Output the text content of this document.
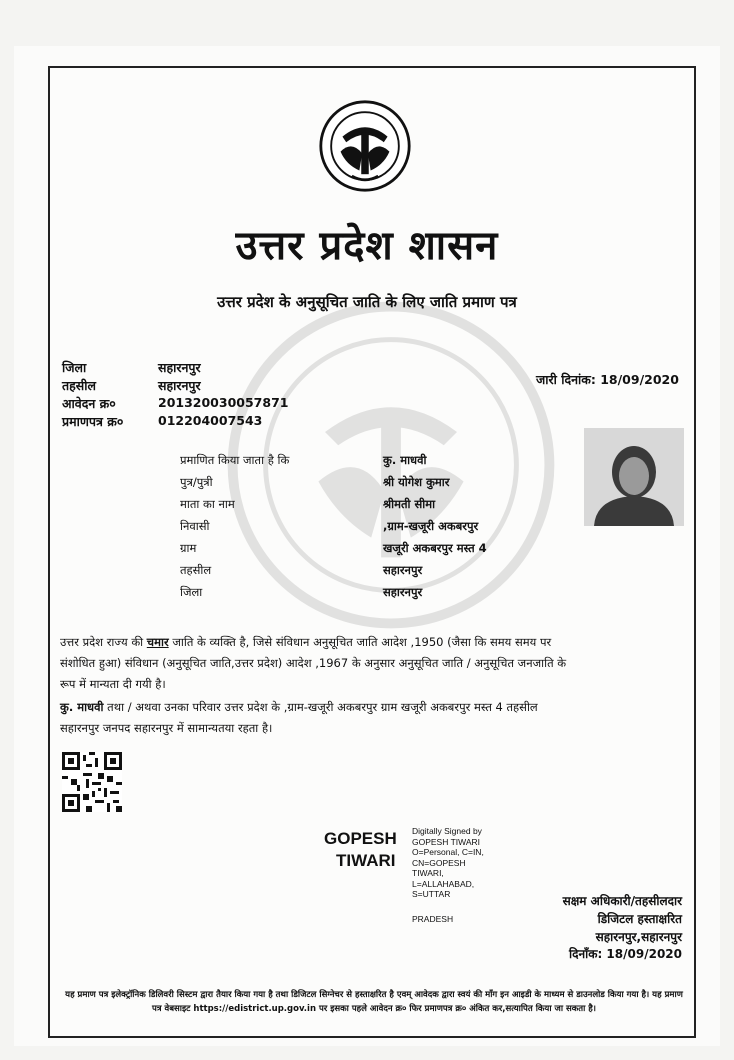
उत्तर प्रदेश शासन
उत्तर प्रदेश के अनुसूचित जाति के लिए जाति प्रमाण पत्र
जिला	सहारनपुर
तहसील	सहारनपुर
आवेदन क्र०	201320030057871
प्रमाणपत्र क्र०	012204007543
जारी दिनांक: 18/09/2020
प्रमाणित किया जाता है कि	कु. माधवी
पुत्र/पुत्री	श्री योगेश कुमार
माता का नाम	श्रीमती सीमा
निवासी	,ग्राम-खजूरी अकबरपुर
ग्राम	खजूरी अकबरपुर मस्त 4
तहसील	सहारनपुर
जिला	सहारनपुर
उत्तर प्रदेश राज्य की चमार जाति के व्यक्ति है, जिसे संविधान अनुसूचित जाति आदेश ,1950 (जैसा कि समय समय पर
संशोधित हुआ) संविधान (अनुसूचित जाति,उत्तर प्रदेश) आदेश ,1967 के अनुसार अनुसूचित जाति / अनुसूचित जनजाति के
रूप में मान्यता दी गयी है।
कु. माधवी तथा / अथवा उनका परिवार उत्तर प्रदेश के ,ग्राम-खजूरी अकबरपुर ग्राम खजूरी अकबरपुर मस्त 4 तहसील
सहारनपुर जनपद सहारनपुर में सामान्यतया रहता है।
GOPESH
TIWARI
Digitally Signed by
GOPESH TIWARI
O=Personal, C=IN,
CN=GOPESH
TIWARI,
L=ALLAHABAD,
S=UTTAR
PRADESH
सक्षम अधिकारी/तहसीलदार
डिजिटल हस्ताक्षरित
सहारनपुर,सहारनपुर
दिनाँक: 18/09/2020
यह प्रमाण पत्र इलेक्ट्रॉनिक डिलिवरी सिस्टम द्वारा तैयार किया गया है तथा डिजिटल सिग्नेचर से हस्ताक्षरित है एवम् आवेदक द्वारा स्वयं की माँग इन आइडी के माध्यम से डाउनलोड किया गया है। यह प्रमाण पत्र वेबसाइट https://edistrict.up.gov.in पर इसका पहले आवेदन क्र० फिर प्रमाणपत्र क्र० अंकित कर,सत्यापित किया जा सकता है।
